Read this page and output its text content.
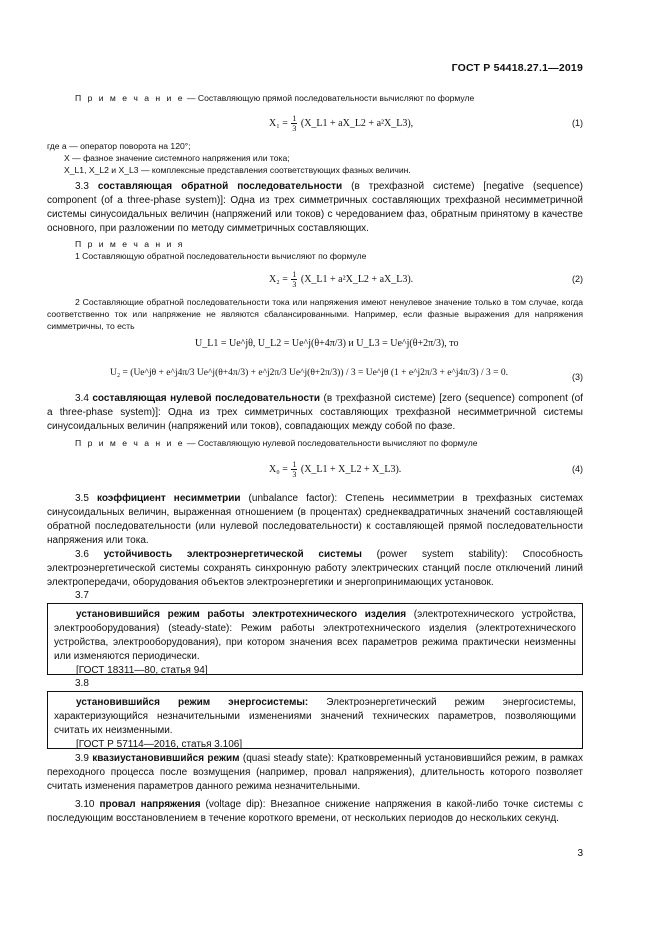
ГОСТ Р 54418.27.1—2019
П р и м е ч а н и е — Составляющую прямой последовательности вычисляют по формуле
$X_1 = \frac{1}{3}$ (X_L1 + aX_L2 + a²X_L3),	(1)
где a — оператор поворота на 120°;
X — фазное значение системного напряжения или тока;
X_L1, X_L2 и X_L3 — комплексные представления соответствующих фазных величин.
3.3 составляющая обратной последовательности (в трехфазной системе) [negative (sequence) component (of a three-phase system)]: Одна из трех симметричных составляющих трехфазной несимметричной системы синусоидальных величин (напряжений или токов) с чередованием фаз, обратным принятому в качестве основного, при разложении по методу симметричных составляющих.
П р и м е ч а н и я
1 Составляющую обратной последовательности вычисляют по формуле
$X_2 = \frac{1}{3}$ (X_L1 + a²X_L2 + aX_L3).	(2)
2 Составляющие обратной последовательности тока или напряжения имеют ненулевое значение только в том случае, когда соответственно ток или напряжение не являются сбалансированными. Например, если фазные выражения для напряжения симметричны, то есть
U_L1 = Ue^jθ, U_L2 = Ue^j(θ+4π/3) и U_L3 = Ue^j(θ+2π/3), то
U₂ = (Ue^jθ + e^j4π/3 Ue^j(θ+4π/3) + e^j2π/3 Ue^j(θ+2π/3)) / 3 = Ue^jθ (1 + e^j2π/3 + e^j4π/3) / 3 = 0.	(3)
3.4 составляющая нулевой последовательности (в трехфазной системе) [zero (sequence) component (of a three-phase system)]: Одна из трех симметричных составляющих трехфазной несимметричной системы синусоидальных величин (напряжений или токов), совпадающих между собой по фазе.
П р и м е ч а н и е — Составляющую нулевой последовательности вычисляют по формуле
$X_0 = \frac{1}{3}$ (X_L1 + X_L2 + X_L3).	(4)
3.5 коэффициент несимметрии (unbalance factor): Степень несимметрии в трехфазных системах синусоидальных величин, выраженная отношением (в процентах) среднеквадратичных значений составляющей обратной последовательности (или нулевой последовательности) к составляющей прямой последовательности напряжения или тока.
3.6 устойчивость электроэнергетической системы (power system stability): Способность электроэнергетической системы сохранять синхронную работу электрических станций после отключений линий электропередачи, оборудования объектов электроэнергетики и энергопринимающих установок.
3.7
установившийся режим работы электротехнического изделия (электротехнического устройства, электрооборудования) (steady-state): Режим работы электротехнического изделия (электротехнического устройства, электрооборудования), при котором значения всех параметров режима практически неизменны или изменяются периодически.
[ГОСТ 18311—80, статья 94]
3.8
установившийся режим энергосистемы: Электроэнергетический режим энергосистемы, характеризующийся незначительными изменениями значений технических параметров, позволяющими считать их неизменными.
[ГОСТ Р 57114—2016, статья 3.106]
3.9 квазиустановившийся режим (quasi steady state): Кратковременный установившийся режим, в рамках переходного процесса после возмущения (например, провал напряжения), длительность которого позволяет считать изменения параметров данного режима незначительными.
3.10 провал напряжения (voltage dip): Внезапное снижение напряжения в какой-либо точке системы с последующим восстановлением в течение короткого времени, от нескольких периодов до нескольких секунд.
3
